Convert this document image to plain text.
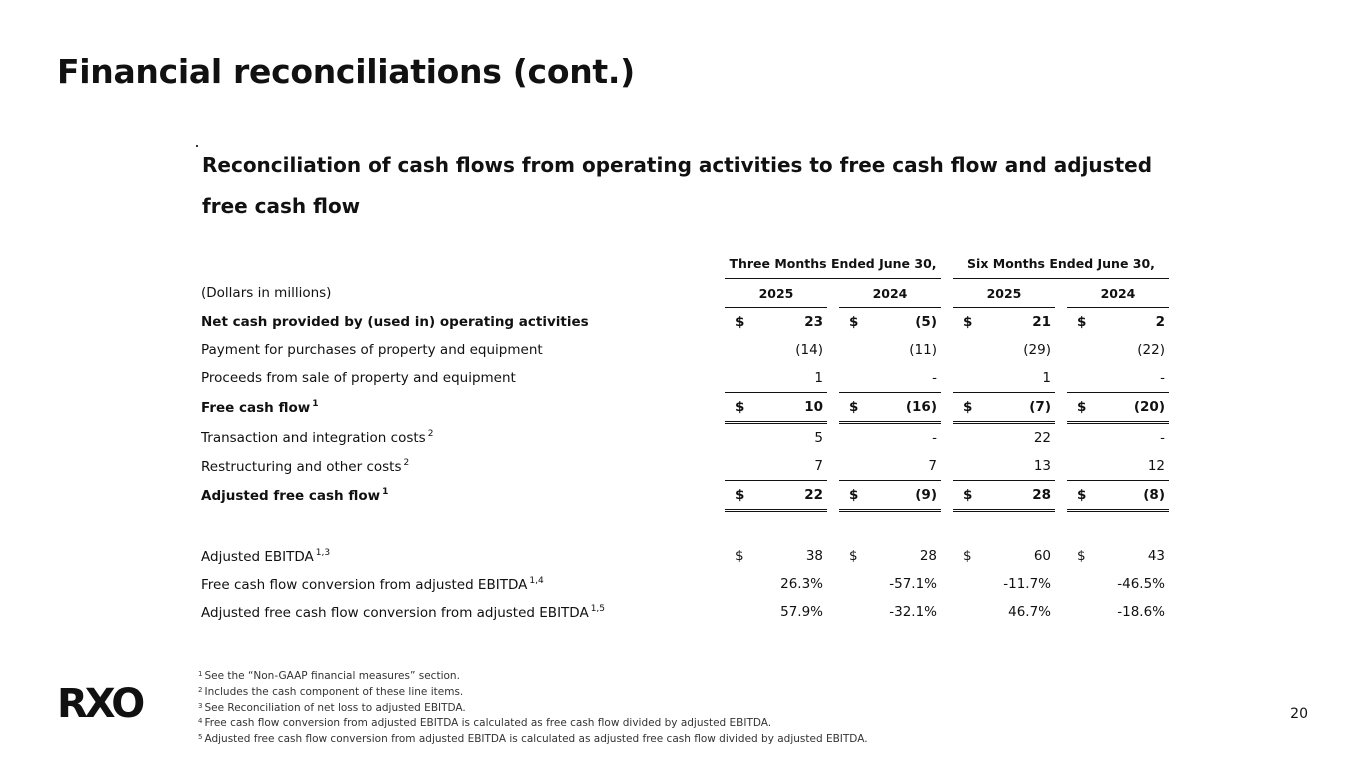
Financial reconciliations (cont.)
Reconciliation of cash flows from operating activities to free cash flow and adjusted free cash flow
	Three Months Ended June 30,						Six Months Ended June 30,				
(Dollars in millions)	2025			2024			2025			2024	
Net cash provided by (used in) operating activities	$	23		$	(5)		$	21		$	2
Payment for purchases of property and equipment		(14)			(11)			(29)			(22)
Proceeds from sale of property and equipment		1			-			1			-
Free cash flow $^1$	$	10		$	(16)		$	(7)		$	(20)
Transaction and integration costs $^2$		5			-			22			-
Restructuring and other costs $^2$		7			7			13			12
Adjusted free cash flow $^1$	$	22		$	(9)		$	28		$	(8)

Adjusted EBITDA $^{1,3}$	$	38		$	28		$	60		$	43
Free cash flow conversion from adjusted EBITDA $^{1,4}$		26.3%			-57.1%			-11.7%			-46.5%
Adjusted free cash flow conversion from adjusted EBITDA $^{1,5}$		57.9%			-32.1%			46.7%			-18.6%
RXO
$^1$ See the “Non-GAAP financial measures” section.
$^2$ Includes the cash component of these line items.
$^3$ See Reconciliation of net loss to adjusted EBITDA.
$^4$ Free cash flow conversion from adjusted EBITDA is calculated as free cash flow divided by adjusted EBITDA.
$^5$ Adjusted free cash flow conversion from adjusted EBITDA is calculated as adjusted free cash flow divided by adjusted EBITDA.
20
